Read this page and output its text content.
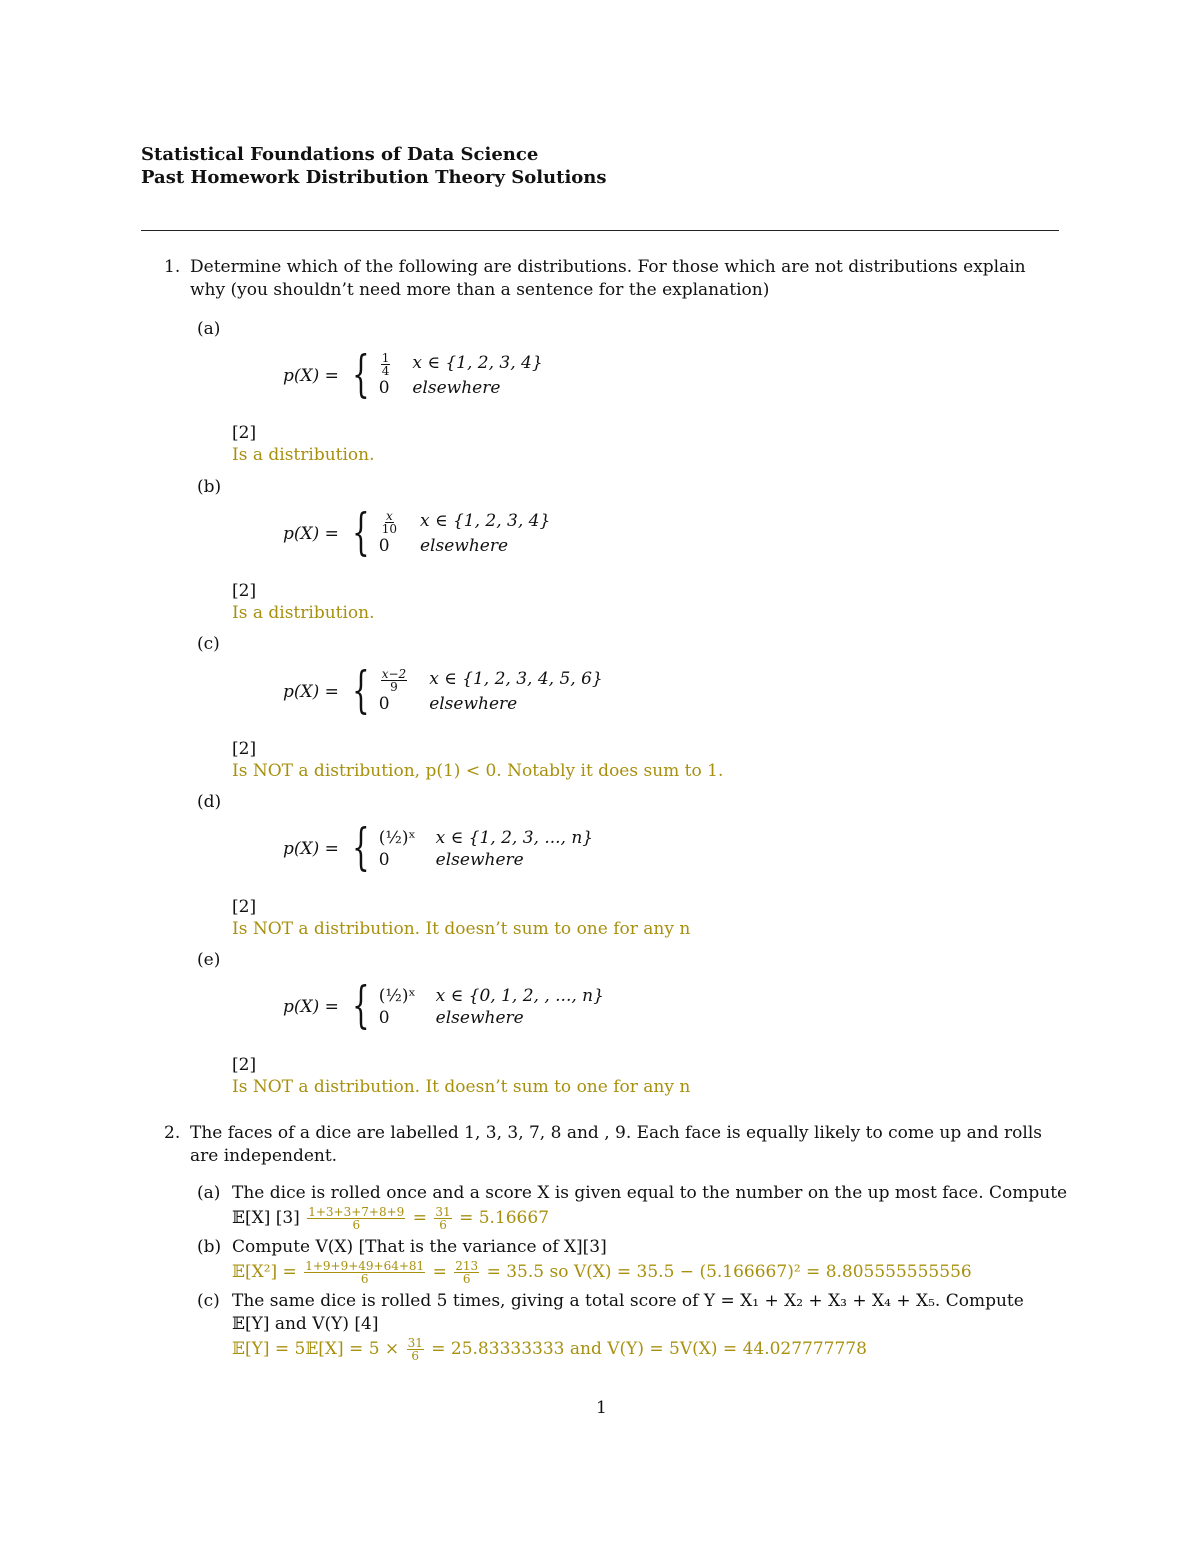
Statistical Foundations of Data Science
Past Homework Distribution Theory Solutions
1. Determine which of the following are distributions. For those which are not distributions explain why (you shouldn’t need more than a sentence for the explanation)
(a)
p(X) = { $\frac{1}{4}$ x ∈ {1, 2, 3, 4}
0 elsewhere
[2]
Is a distribution.
(b)
p(X) = { $\frac{x}{10}$ x ∈ {1, 2, 3, 4}
0	elsewhere
[2]
Is a distribution.
(c)
p(X) = { $\frac{x-2}{9}$ x ∈ {1, 2, 3, 4, 5, 6}
0	elsewhere
[2]
Is NOT a distribution, p(1) < 0. Notably it does sum to 1.
(d)
p(X) = { (½)ˣ x ∈ {1, 2, 3, ..., n}
0	elsewhere
[2]
Is NOT a distribution. It doesn’t sum to one for any n
(e)
p(X) = { (½)ˣ x ∈ {0, 1, 2, , ..., n}
0	elsewhere
[2]
Is NOT a distribution. It doesn’t sum to one for any n
2. The faces of a dice are labelled 1, 3, 3, 7, 8 and , 9. Each face is equally likely to come up and rolls are independent.
(a) The dice is rolled once and a score X is given equal to the number on the up most face. Compute
𝔼[X] $[3] \frac{1+3+3+7+8+9}{6} = \frac{31}{6} = 5.16667$
(b) Compute V(X) [That is the variance of X][3]
𝔼[X²] = $\frac{1+9+9+49+64+81}{6} = \frac{213}{6} = 35.5$ so V(X) = 35.5 − (5.166667)² = 8.805555555556
(c) The same dice is rolled 5 times, giving a total score of Y = X₁ + X₂ + X₃ + X₄ + X₅. Compute
𝔼[Y] and V(Y) [4]
𝔼[Y] = 5𝔼[X] = $5 \times \frac{31}{6} = 25.83333333$ and V(Y) = 5V(X) = 44.027777778
1
